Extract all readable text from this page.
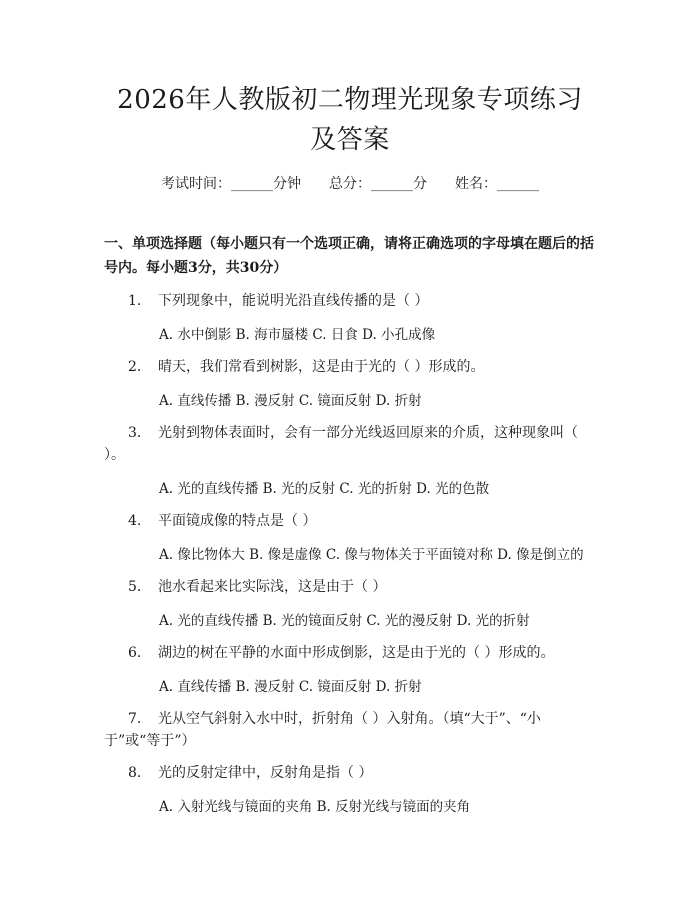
2026年人教版初二物理光现象专项练习及答案
考试时间：______分钟 总分：______分 姓名：______
一、单项选择题（每小题只有一个选项正确，请将正确选项的字母填在题后的括号内。每小题3分，共30分）
1. 下列现象中，能说明光沿直线传播的是（ ）
A. 水中倒影 B. 海市蜃楼 C. 日食 D. 小孔成像
2. 晴天，我们常看到树影，这是由于光的（ ）形成的。
A. 直线传播 B. 漫反射 C. 镜面反射 D. 折射
3. 光射到物体表面时，会有一部分光线返回原来的介质，这种现象叫（ ）。
A. 光的直线传播 B. 光的反射 C. 光的折射 D. 光的色散
4. 平面镜成像的特点是（ ）
A. 像比物体大 B. 像是虚像 C. 像与物体关于平面镜对称 D. 像是倒立的
5. 池水看起来比实际浅，这是由于（ ）
A. 光的直线传播 B. 光的镜面反射 C. 光的漫反射 D. 光的折射
6. 湖边的树在平静的水面中形成倒影，这是由于光的（ ）形成的。
A. 直线传播 B. 漫反射 C. 镜面反射 D. 折射
7. 光从空气斜射入水中时，折射角（ ）入射角。（填“大于”、“小于”或“等于”）
8. 光的反射定律中，反射角是指（ ）
A. 入射光线与镜面的夹角 B. 反射光线与镜面的夹角
